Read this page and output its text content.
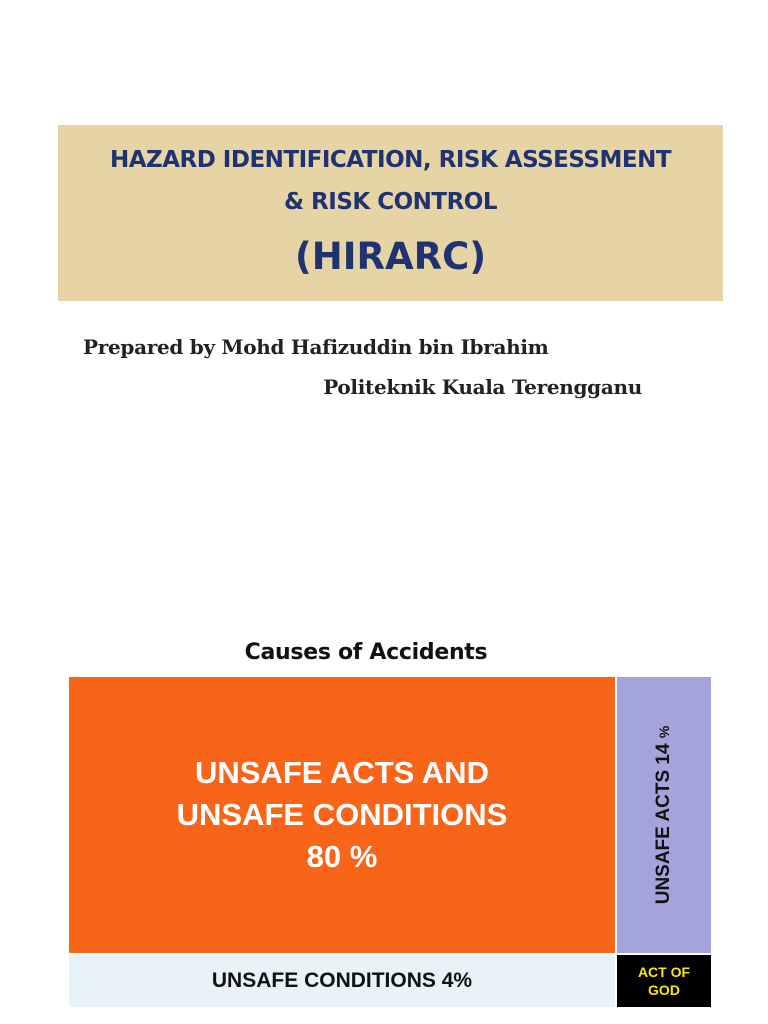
HAZARD IDENTIFICATION, RISK ASSESSMENT
& RISK CONTROL
(HIRARC)
Prepared by Mohd Hafizuddin bin Ibrahim
Politeknik Kuala Terengganu
Causes of Accidents
UNSAFE ACTS AND
UNSAFE CONDITIONS
80 %	UNSAFE ACTS 14 %
UNSAFE CONDITIONS 4%	ACT OF
GOD
